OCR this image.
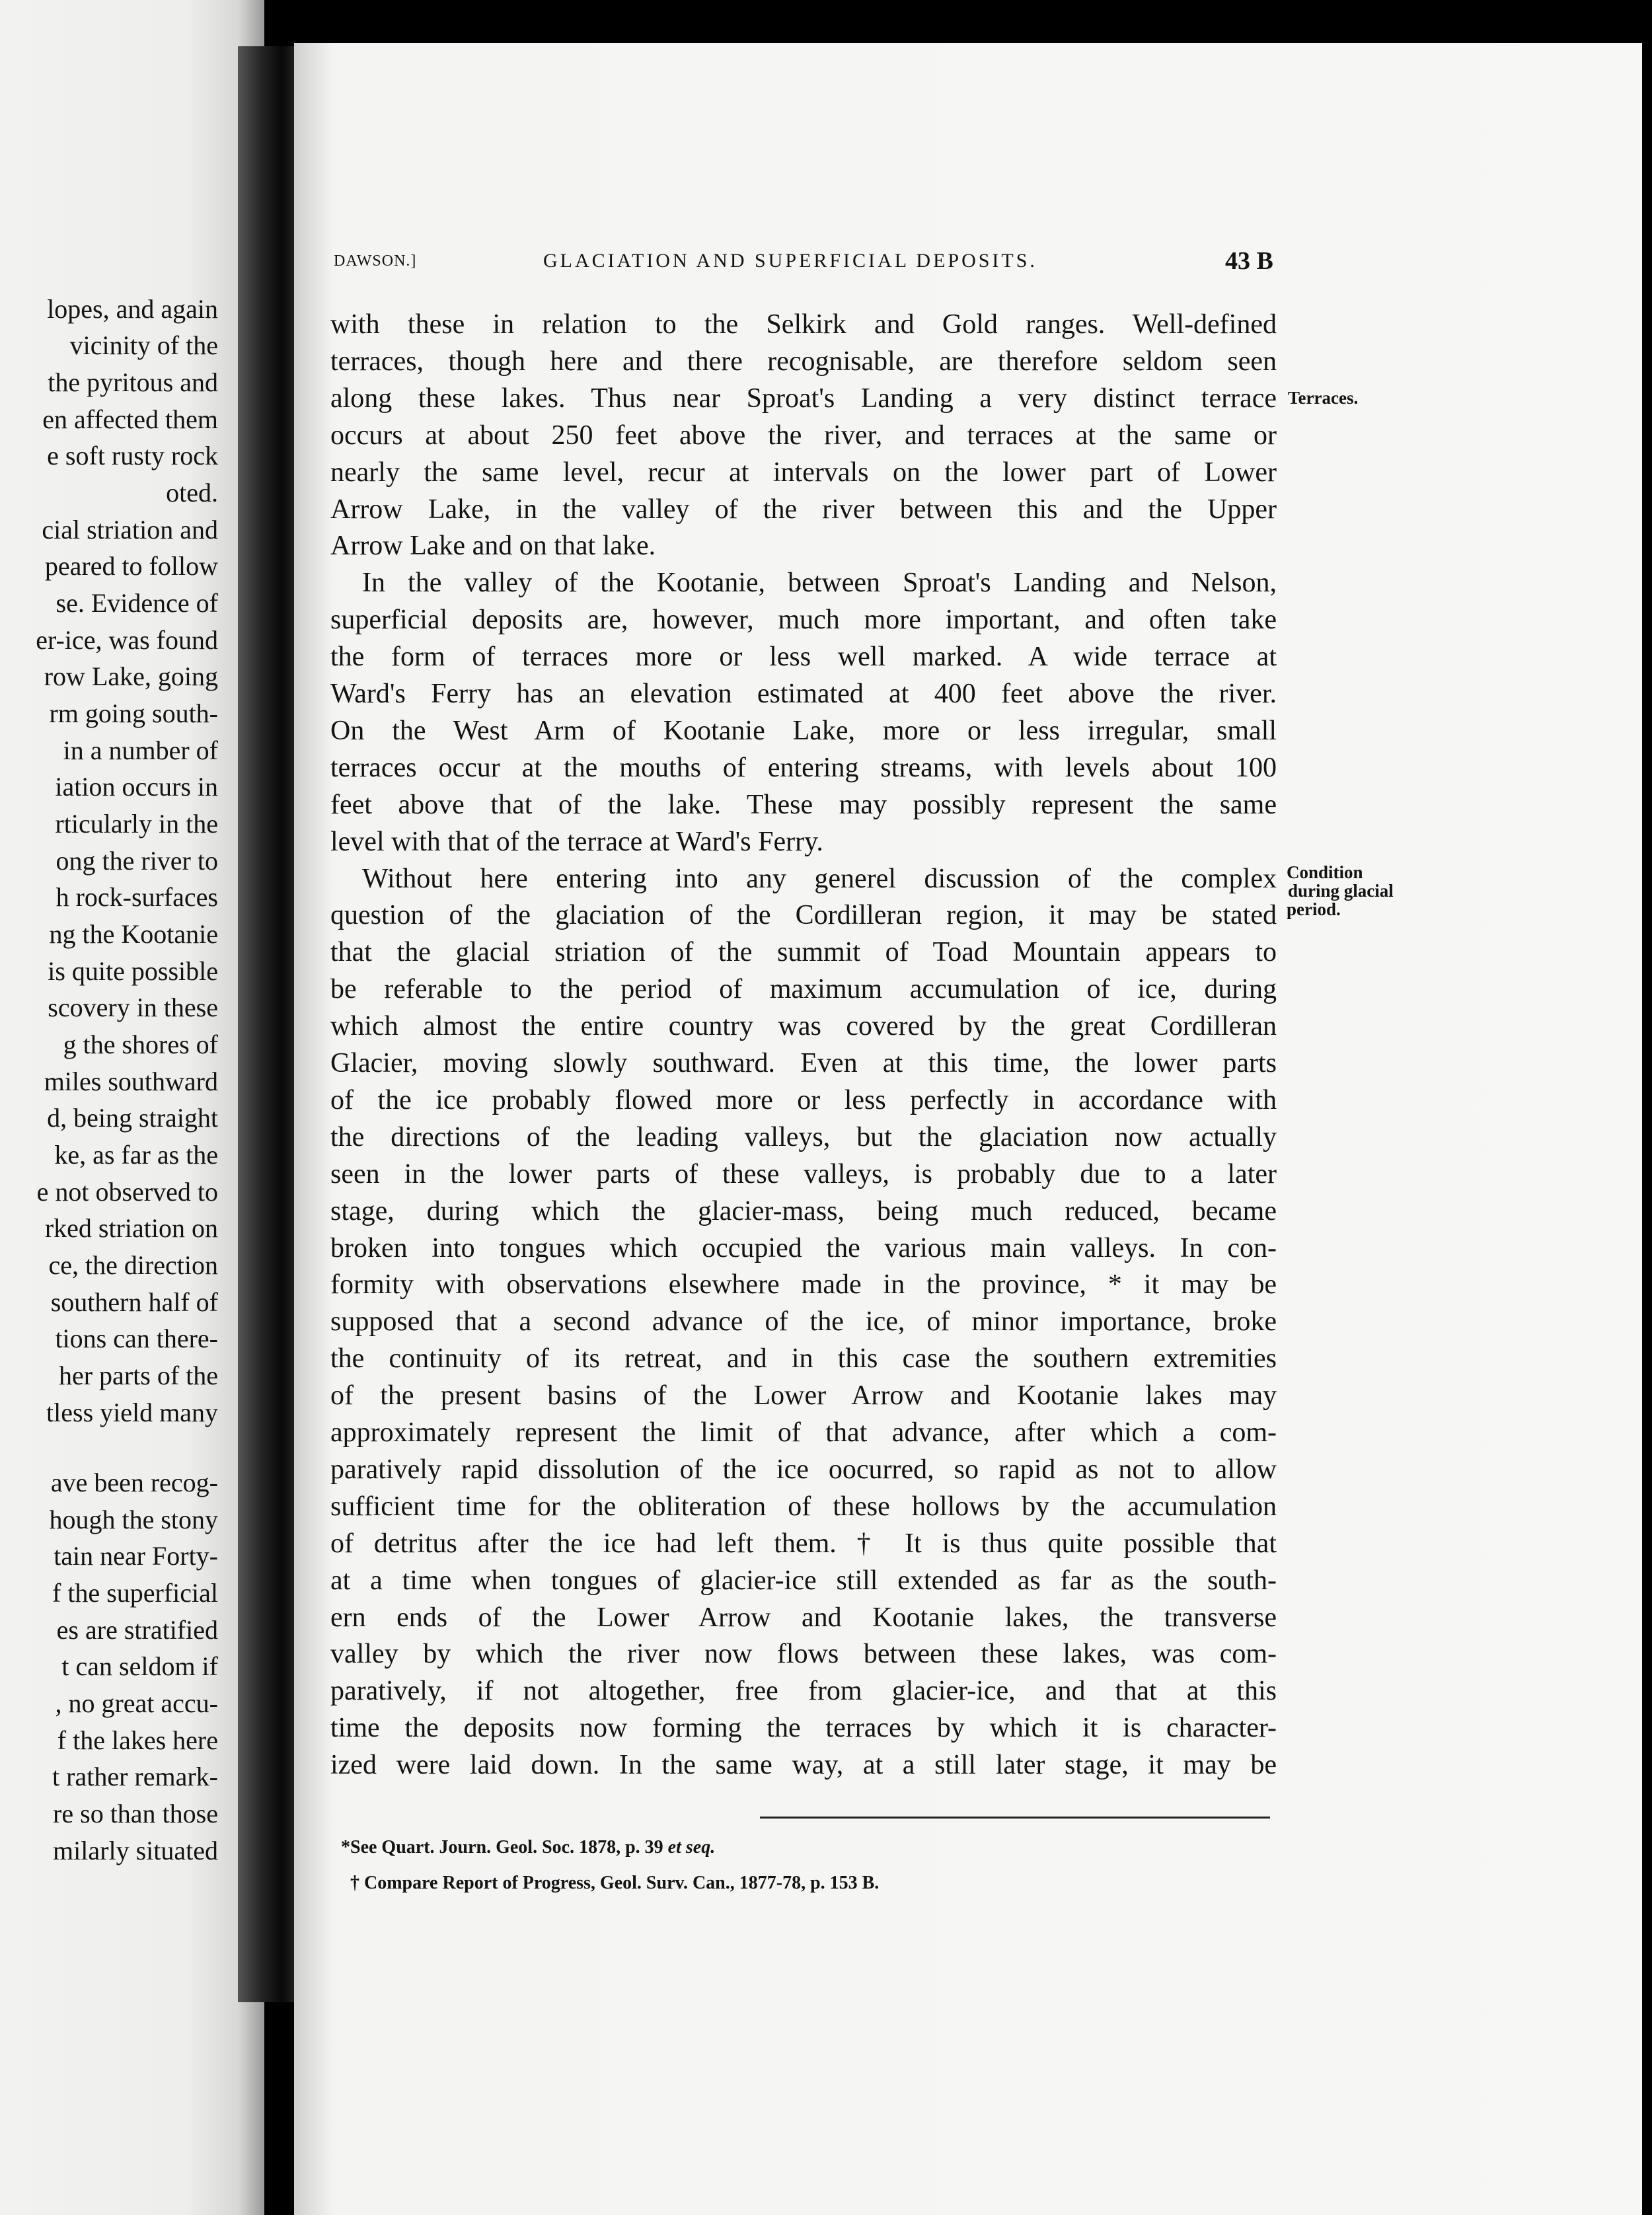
lopes, and again
vicinity of the
the pyritous and
en affected them
e soft rusty rock
oted.
cial striation and
peared to follow
se. Evidence of
er-ice, was found
row Lake, going
rm going south-
in a number of
iation occurs in
rticularly in the
ong the river to
h rock-surfaces
ng the Kootanie
is quite possible
scovery in these
g the shores of
miles southward
d, being straight
ke, as far as the
e not observed to
rked striation on
ce, the direction
southern half of
tions can there-
her parts of the
tless yield many
ave been recog-
hough the stony
tain near Forty-
f the superficial
es are stratified
t can seldom if
, no great accu-
f the lakes here
t rather remark-
re so than those
milarly situated
DAWSON.]	GLACIATION AND SUPERFICIAL DEPOSITS.	43 B
with these in relation to the Selkirk and Gold ranges. Well-defined
terraces, though here and there recognisable, are therefore seldom seen
along these lakes. Thus near Sproat's Landing a very distinct terrace
occurs at about 250 feet above the river, and terraces at the same or
nearly the same level, recur at intervals on the lower part of Lower
Arrow Lake, in the valley of the river between this and the Upper
Arrow Lake and on that lake.
In the valley of the Kootanie, between Sproat's Landing and Nelson,
superficial deposits are, however, much more important, and often take
the form of terraces more or less well marked. A wide terrace at
Ward's Ferry has an elevation estimated at 400 feet above the river.
On the West Arm of Kootanie Lake, more or less irregular, small
terraces occur at the mouths of entering streams, with levels about 100
feet above that of the lake. These may possibly represent the same
level with that of the terrace at Ward's Ferry.
Without here entering into any generel discussion of the complex
question of the glaciation of the Cordilleran region, it may be stated
that the glacial striation of the summit of Toad Mountain appears to
be referable to the period of maximum accumulation of ice, during
which almost the entire country was covered by the great Cordilleran
Glacier, moving slowly southward. Even at this time, the lower parts
of the ice probably flowed more or less perfectly in accordance with
the directions of the leading valleys, but the glaciation now actually
seen in the lower parts of these valleys, is probably due to a later
stage, during which the glacier-mass, being much reduced, became
broken into tongues which occupied the various main valleys. In con-
formity with observations elsewhere made in the province, * it may be
supposed that a second advance of the ice, of minor importance, broke
the continuity of its retreat, and in this case the southern extremities
of the present basins of the Lower Arrow and Kootanie lakes may
approximately represent the limit of that advance, after which a com-
paratively rapid dissolution of the ice oocurred, so rapid as not to allow
sufficient time for the obliteration of these hollows by the accumulation
of detritus after the ice had left them. † It is thus quite possible that
at a time when tongues of glacier-ice still extended as far as the south-
ern ends of the Lower Arrow and Kootanie lakes, the transverse
valley by which the river now flows between these lakes, was com-
paratively, if not altogether, free from glacier-ice, and that at this
time the deposits now forming the terraces by which it is character-
ized were laid down. In the same way, at a still later stage, it may be
Terraces.
Condition
during glacial
period.
*See Quart. Journ. Geol. Soc. 1878, p. 39 et seq.
† Compare Report of Progress, Geol. Surv. Can., 1877-78, p. 153 B.
